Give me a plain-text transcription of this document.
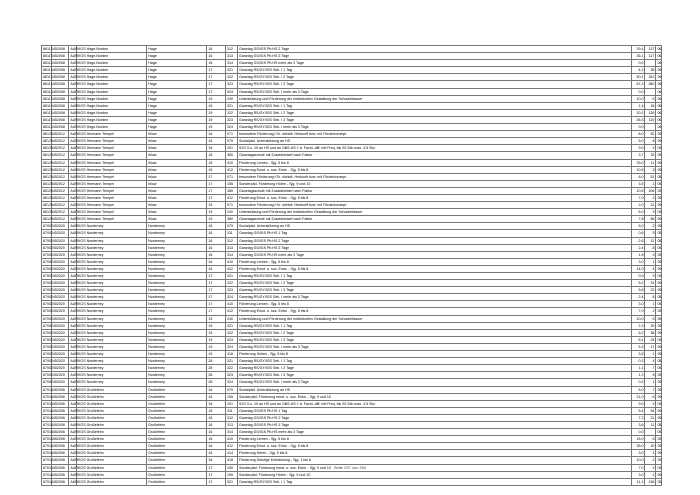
86113	452008	AUR	KGS Hage-Norden	Hage	16	312	Ganztag GS/IGS Pb.HS 2 Tage	29,4	137	06
86113	452008	AUR	KGS Hage-Norden	Hage	16	313	Ganztag GS/IGS Pb.HS 3 Tage	35,1	117	06
86113	452008	AUR	KGS Hage-Norden	Hage	16	314	Ganztag GS/IGS Pb.HS mehr als 3 Tage	0,0		06
86113	452008	AUR	KGS Hage-Norden	Hage	17	321	Ganztag RS/GY/IGS Sek. I 1 Tag	4,2	38	06
86113	452008	AUR	KGS Hage-Norden	Hage	17	322	Ganztag RS/GY/IGS Sek. I 2 Tage	50,1	331	06
86113	452008	AUR	KGS Hage-Norden	Hage	17	323	Ganztag RS/GY/IGS Sek. I 3 Tage	67,2	280	06
86113	452008	AUR	KGS Hage-Norden	Hage	17	324	Ganztag RS/GY/IGS Sek. I mehr als 3 Tage	0,0		06
86113	452008	AUR	KGS Hage-Norden	Hage	19	240	Unterstützung und Förderung der individuellen Gestaltung der Schulzeitdauer	10,0	5	06
86113	452008	AUR	KGS Hage-Norden	Hage	19	321	Ganztag RS/GY/IGS Sek. I 1 Tag	1,4	18	06
86113	452008	AUR	KGS Hage-Norden	Hage	19	322	Ganztag RS/GY/IGS Sek. I 2 Tage	20,2	126	06
86113	452008	AUR	KGS Hage-Norden	Hage	19	323	Ganztag RS/GY/IGS Sek. I 3 Tage	26,3	110	06
86113	452008	AUR	KGS Hage-Norden	Hage	19	324	Ganztag RS/GY/IGS Sek. I mehr als 3 Tage	0,0		06
86125	452012	AUR	KGS Hermann Tempel	Ihlow	16	071	besondere Förderung f.Sr. nichtdt. Herkunft bzw. mit Förderkonzept	8,0	52	05
86125	452012	AUR	KGS Hermann Tempel	Ihlow	16	079	Sozialpäd. Unterstützung an HS	5,0	8	05
86125	452012	AUR	KGS Hermann Tempel	Ihlow	16	201	SJG 9 u. 10 an HS und an OBS-HS f. ä. Fachl.-diff. mit Freq. bis 20 Sch max. 4,5 Std.	9,0	2	05
86125	452012	AUR	KGS Hermann Tempel	Ihlow	16	380	Ganztagsschule mit Zusatzbedarf nach Faktor	3,7	32	05
86125	452012	AUR	KGS Hermann Tempel	Ihlow	16	410	Förderung Lernen - Sjg. 5 bis 8	33,0	11	05
86125	452012	AUR	KGS Hermann Tempel	Ihlow	16	412	Förderung Emot. u. soz. Entw. - Sjg. 5 bis 8	10,5	3	05
86125	452012	AUR	KGS Hermann Tempel	Ihlow	17	071	besondere Förderung f.Sr. nichtdt. Herkunft bzw. mit Förderkonzept	6,0	51	05
86125	452012	AUR	KGS Hermann Tempel	Ihlow	17	155	Sonderpäd. Förderung Hören - Sjg. 9 und 10	3,5	1	05
86125	452012	AUR	KGS Hermann Tempel	Ihlow	17	380	Ganztagsschule mit Zusatzbedarf nach Faktor	10,5	106	05
86125	452012	AUR	KGS Hermann Tempel	Ihlow	17	412	Förderung Emot. u. soz. Entw. - Sjg. 5 bis 8	7,0	2	05
86125	452012	AUR	KGS Hermann Tempel	Ihlow	19	071	besondere Förderung f.Sr. nichtdt. Herkunft bzw. mit Förderkonzept	2,0	21	05
86125	452012	AUR	KGS Hermann Tempel	Ihlow	19	240	Unterstützung und Förderung der individuellen Gestaltung der Schulzeitdauer	6,0	3	05
86125	452012	AUR	KGS Hermann Tempel	Ihlow	19	380	Ganztagsschule mit Zusatzbedarf nach Faktor	7,8	86	05
87002	452020	AUR	KGS Norderney	Norderney	16	079	Sozialpäd. Unterstützung an HS	5,0	2	05
87002	452020	AUR	KGS Norderney	Norderney	16	311	Ganztag GS/IGS Pb.HS 1 Tag	0,6	5	05
87002	452020	AUR	KGS Norderney	Norderney	16	312	Ganztag GS/IGS Pb.HS 2 Tage	2,6	12	05
87002	452020	AUR	KGS Norderney	Norderney	16	313	Ganztag GS/IGS Pb.HS 3 Tage	2,4	8	05
87002	452020	AUR	KGS Norderney	Norderney	16	314	Ganztag GS/IGS Pb.HS mehr als 3 Tage	1,6	3	05
87002	452020	AUR	KGS Norderney	Norderney	16	410	Förderung Lernen - Sjg. 5 bis 8	3,0	1	05
87002	452020	AUR	KGS Norderney	Norderney	16	412	Förderung Emot. u. soz. Entw. - Sjg. 5 bis 8	14,0	4	05
87002	452020	AUR	KGS Norderney	Norderney	17	321	Ganztag RS/GY/IGS Sek. I 1 Tag	0,9	9	05
87002	452020	AUR	KGS Norderney	Norderney	17	322	Ganztag RS/GY/IGS Sek. I 2 Tage	5,2	31	05
87002	452020	AUR	KGS Norderney	Norderney	17	323	Ganztag RS/GY/IGS Sek. I 3 Tage	5,8	22	05
87002	452020	AUR	KGS Norderney	Norderney	17	324	Ganztag RS/GY/IGS Sek. I mehr als 3 Tage	2,4	8	05
87002	452020	AUR	KGS Norderney	Norderney	17	410	Förderung Lernen - Sjg. 5 bis 8	3,0	1	05
87002	452020	AUR	KGS Norderney	Norderney	17	412	Förderung Emot. u. soz. Entw. - Sjg. 5 bis 8	7,0	2	05
87002	452020	AUR	KGS Norderney	Norderney	19	240	Unterstützung und Förderung der individuellen Gestaltung der Schulzeitdauer	10,0	5	05
87002	452020	AUR	KGS Norderney	Norderney	19	321	Ganztag RS/GY/IGS Sek. I 1 Tag	2,3	29	05
87002	452020	AUR	KGS Norderney	Norderney	19	322	Ganztag RS/GY/IGS Sek. I 2 Tage	6,2	38	05
87002	452020	AUR	KGS Norderney	Norderney	19	323	Ganztag RS/GY/IGS Sek. I 3 Tage	6,1	25	05
87002	452020	AUR	KGS Norderney	Norderney	19	324	Ganztag RS/GY/IGS Sek. I mehr als 3 Tage	5,3	17	05
87002	452020	AUR	KGS Norderney	Norderney	19	416	Förderung Sehen - Sjg. 5 bis 8	3,5	1	05
87002	452020	AUR	KGS Norderney	Norderney	28	321	Ganztag RS/GY/IGS Sek. I 1 Tag	0,3	4	05
87002	452020	AUR	KGS Norderney	Norderney	28	322	Ganztag RS/GY/IGS Sek. I 2 Tage	1,1	7	05
87002	452020	AUR	KGS Norderney	Norderney	28	323	Ganztag RS/GY/IGS Sek. I 3 Tage	1,2	5	05
87002	452020	AUR	KGS Norderney	Norderney	28	324	Ganztag RS/GY/IGS Sek. I mehr als 3 Tage	0,3	1	05
87014	452006	AUR	KGS Großefehn	Großefehn	16	079	Sozialpäd. Unterstützung an HS	5,0	7	05
87014	452006	AUR	KGS Großefehn	Großefehn	16	155	Sonderpäd. Förderung emot. u. soz. Entw. - Sjg. 9 und 10	21,0	6	05
87014	452006	AUR	KGS Großefehn	Großefehn	16	201	SJG 9 u. 10 an HS und an OBS-HS f. ä. Fachl.-diff. mit Freq. bis 20 Sch max. 4,5 Std.	9,0	2	05
87014	452006	AUR	KGS Großefehn	Großefehn	16	311	Ganztag GS/IGS Pb.HS 1 Tag	5,4	54	05
87014	452006	AUR	KGS Großefehn	Großefehn	16	312	Ganztag GS/IGS Pb.HS 2 Tage	7,2	21	05
87014	452006	AUR	KGS Großefehn	Großefehn	16	313	Ganztag GS/IGS Pb.HS 3 Tage	3,6	11	05
87014	452006	AUR	KGS Großefehn	Großefehn	16	314	Ganztag GS/IGS Pb.HS mehr als 3 Tage	0,0		05
87014	452006	AUR	KGS Großefehn	Großefehn	16	410	Förderung Lernen - Sjg. 5 bis 8	18,0	6	05
87014	452006	AUR	KGS Großefehn	Großefehn	16	412	Förderung Emot. u. soz. Entw. - Sjg. 5 bis 8	35,0	10	05
87014	452006	AUR	KGS Großefehn	Großefehn	16	414	Förderung Hören - Sjg. 5 bis 8	3,0	1	05
87014	452006	AUR	KGS Großefehn	Großefehn	16	418	Förderung Geistige Entwicklung - Sjg. 1 bis 8	10,0	2	05
87014	452006	AUR	KGS Großefehn	Großefehn	17	155	Sonderpäd. Förderung emot. u. soz. Entw. - Sjg. 9 und 10	7,0	2	05
87014	452006	AUR	KGS Großefehn	Großefehn	17	155	Sonderpäd. Förderung Hören - Sjg. 9 und 10	3,0	1	05
87014	452006	AUR	KGS Großefehn	Großefehn	17	321	Ganztag RS/GY/IGS Sek. I 1 Tag	11,1	136	05
Seite 237 von 294
